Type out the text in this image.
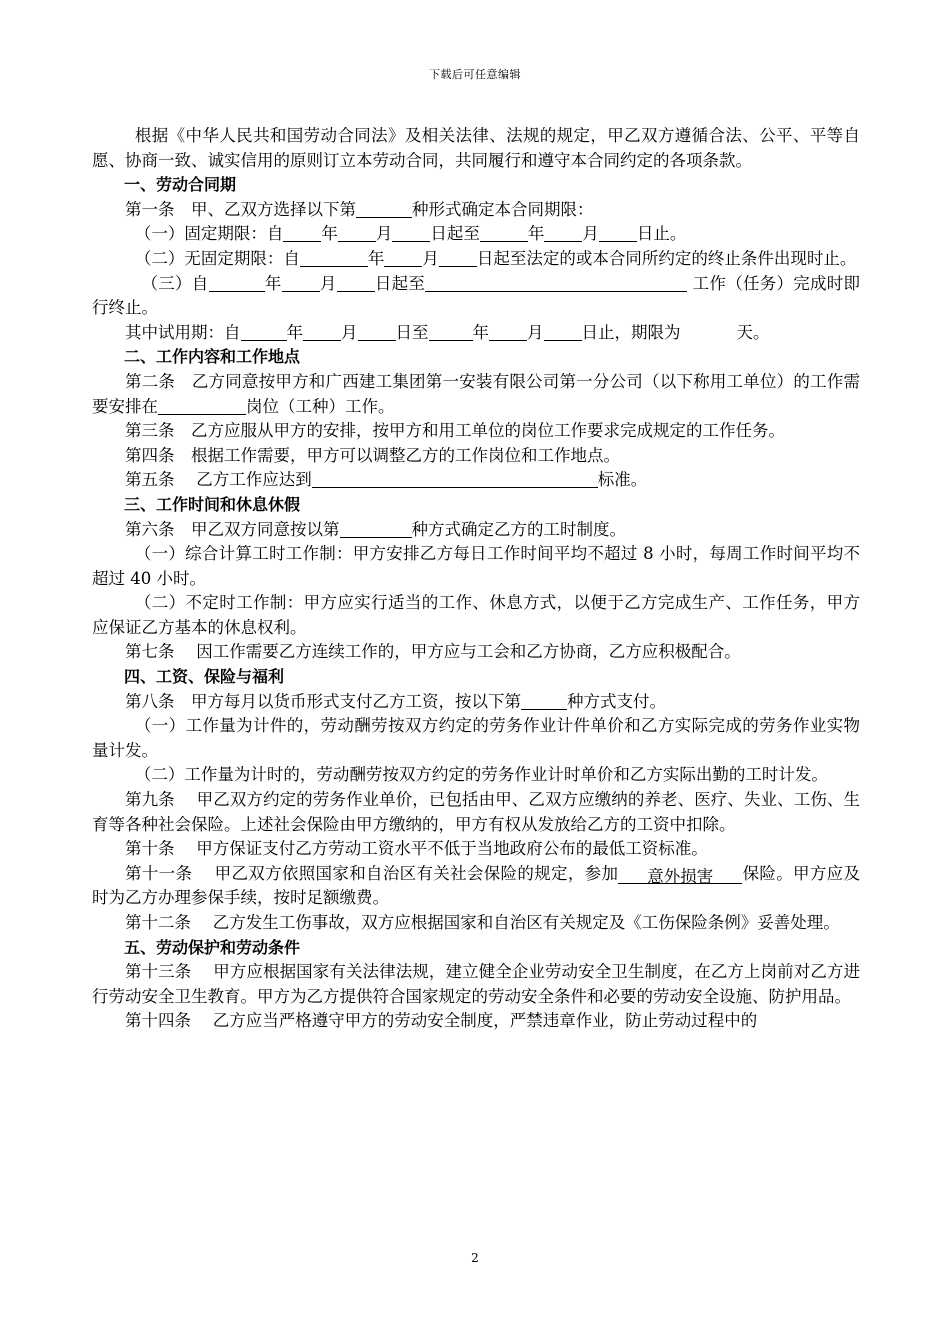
下载后可任意编辑

根据《中华人民共和国劳动合同法》及相关法律、法规的规定，甲乙双方遵循合法、公平、平等自愿、协商一致、诚实信用的原则订立本劳动合同，共同履行和遵守本合同约定的各项条款。

一、劳动合同期

第一条　甲、乙双方选择以下第	种形式确定本合同期限：

（一）固定期限：自 年 月 日起至	年 月 日止。

（二）无固定期限：自	年 月 日起至法定的或本合同所约定的终止条件出现时止。

（三）自	年 月 日起至	工作（任务）完成时即行终止。

其中试用期：自	年 月 日至	年 月 日止，期限为	天。

二、工作内容和工作地点

第二条　乙方同意按甲方和广西建工集团第一安装有限公司第一分公司（以下称用工单位）的工作需要安排在	岗位（工种）工作。

第三条　乙方应服从甲方的安排，按甲方和用工单位的岗位工作要求完成规定的工作任务。

第四条　根据工作需要，甲方可以调整乙方的工作岗位和工作地点。

第五条　 乙方工作应达到	标准。

三、工作时间和休息休假

第六条　甲乙双方同意按以第	种方式确定乙方的工时制度。

（一）综合计算工时工作制：甲方安排乙方每日工作时间平均不超过 8 小时，每周工作时间平均不超过 40 小时。

（二）不定时工作制：甲方应实行适当的工作、休息方式，以便于乙方完成生产、工作任务，甲方应保证乙方基本的休息权利。

第七条　 因工作需要乙方连续工作的，甲方应与工会和乙方协商，乙方应积极配合。

四、工资、保险与福利

第八条　甲方每月以货币形式支付乙方工资，按以下第	种方式支付。

（一）工作量为计件的，劳动酬劳按双方约定的劳务作业计件单价和乙方实际完成的劳务作业实物量计发。

（二）工作量为计时的，劳动酬劳按双方约定的劳务作业计时单价和乙方实际出勤的工时计发。

第九条　 甲乙双方约定的劳务作业单价，已包括由甲、乙双方应缴纳的养老、医疗、失业、工伤、生育等各种社会保险。上述社会保险由甲方缴纳的，甲方有权从发放给乙方的工资中扣除。

第十条　 甲方保证支付乙方劳动工资水平不低于当地政府公布的最低工资标准。

第十一条　 甲乙双方依照国家和自治区有关社会保险的规定，参加 意外损害 保险。甲方应及时为乙方办理参保手续，按时足额缴费。

第十二条　 乙方发生工伤事故，双方应根据国家和自治区有关规定及《工伤保险条例》妥善处理。

五、劳动保护和劳动条件

第十三条　 甲方应根据国家有关法律法规，建立健全企业劳动安全卫生制度，在乙方上岗前对乙方进行劳动安全卫生教育。甲方为乙方提供符合国家规定的劳动安全条件和必要的劳动安全设施、防护用品。

第十四条　 乙方应当严格遵守甲方的劳动安全制度，严禁违章作业，防止劳动过程中的

2
